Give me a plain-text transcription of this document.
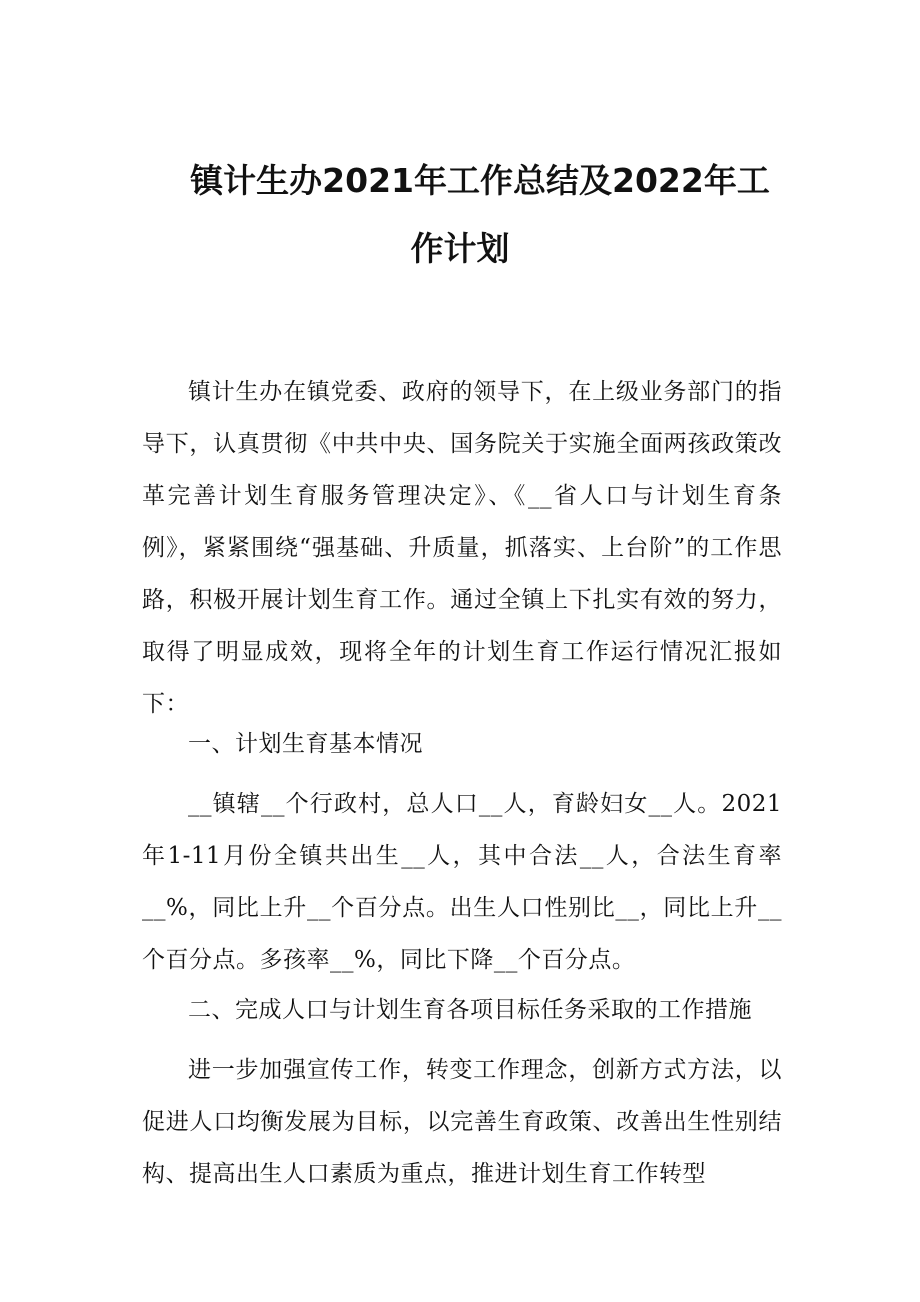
镇计生办2021年工作总结及2022年工
作计划

镇计生办在镇党委、政府的领导下，在上级业务部门的指导下，认真贯彻《中共中央、国务院关于实施全面两孩政策改革完善计划生育服务管理决定》、《__省人口与计划生育条例》，紧紧围绕“强基础、升质量，抓落实、上台阶”的工作思路，积极开展计划生育工作。通过全镇上下扎实有效的努力，取得了明显成效，现将全年的计划生育工作运行情况汇报如下：

一、计划生育基本情况

__镇辖__个行政村，总人口__人，育龄妇女__人。2021年1-11月份全镇共出生__人，其中合法__人，合法生育率__%，同比上升__个百分点。出生人口性别比__，同比上升__个百分点。多孩率__%，同比下降__个百分点。

二、完成人口与计划生育各项目标任务采取的工作措施

进一步加强宣传工作，转变工作理念，创新方式方法，以促进人口均衡发展为目标，以完善生育政策、改善出生性别结构、提高出生人口素质为重点，推进计划生育工作转型
